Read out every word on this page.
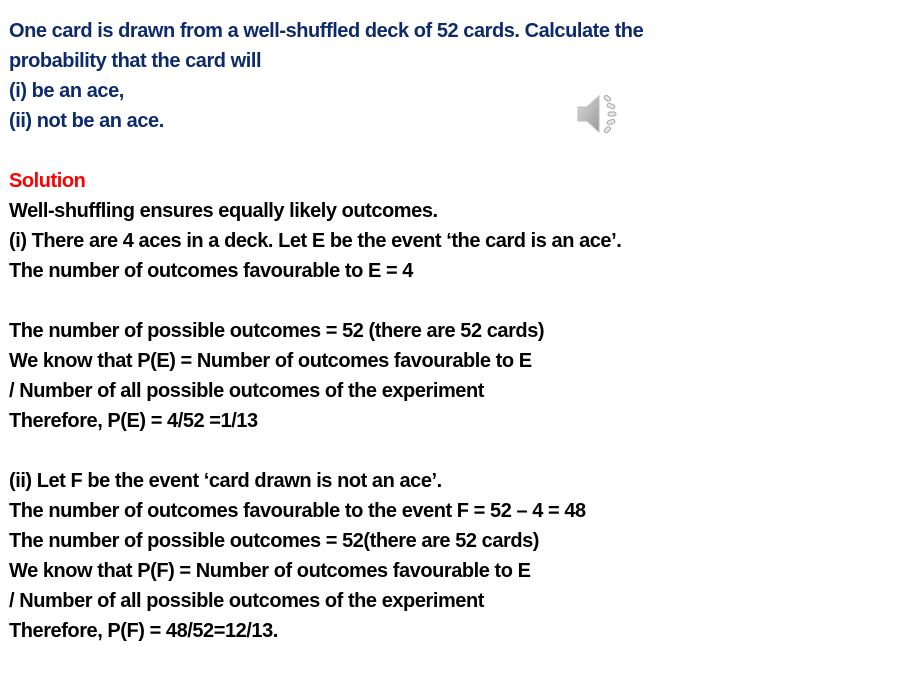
One card is drawn from a well-shuffled deck of 52 cards. Calculate the
probability that the card will
(i) be an ace,
(ii) not be an ace.
Solution
Well-shuffling ensures equally likely outcomes.
(i) There are 4 aces in a deck. Let E be the event ‘the card is an ace’.
The number of outcomes favourable to E = 4
The number of possible outcomes = 52 (there are 52 cards)
We know that P(E) = Number of outcomes favourable to E
/ Number of all possible outcomes of the experiment
Therefore, P(E) = 4/52 =1/13
(ii) Let F be the event ‘card drawn is not an ace’.
The number of outcomes favourable to the event F = 52 – 4 = 48
The number of possible outcomes = 52(there are 52 cards)
We know that P(F) = Number of outcomes favourable to E
/ Number of all possible outcomes of the experiment
Therefore, P(F) = 48/52=12/13.
